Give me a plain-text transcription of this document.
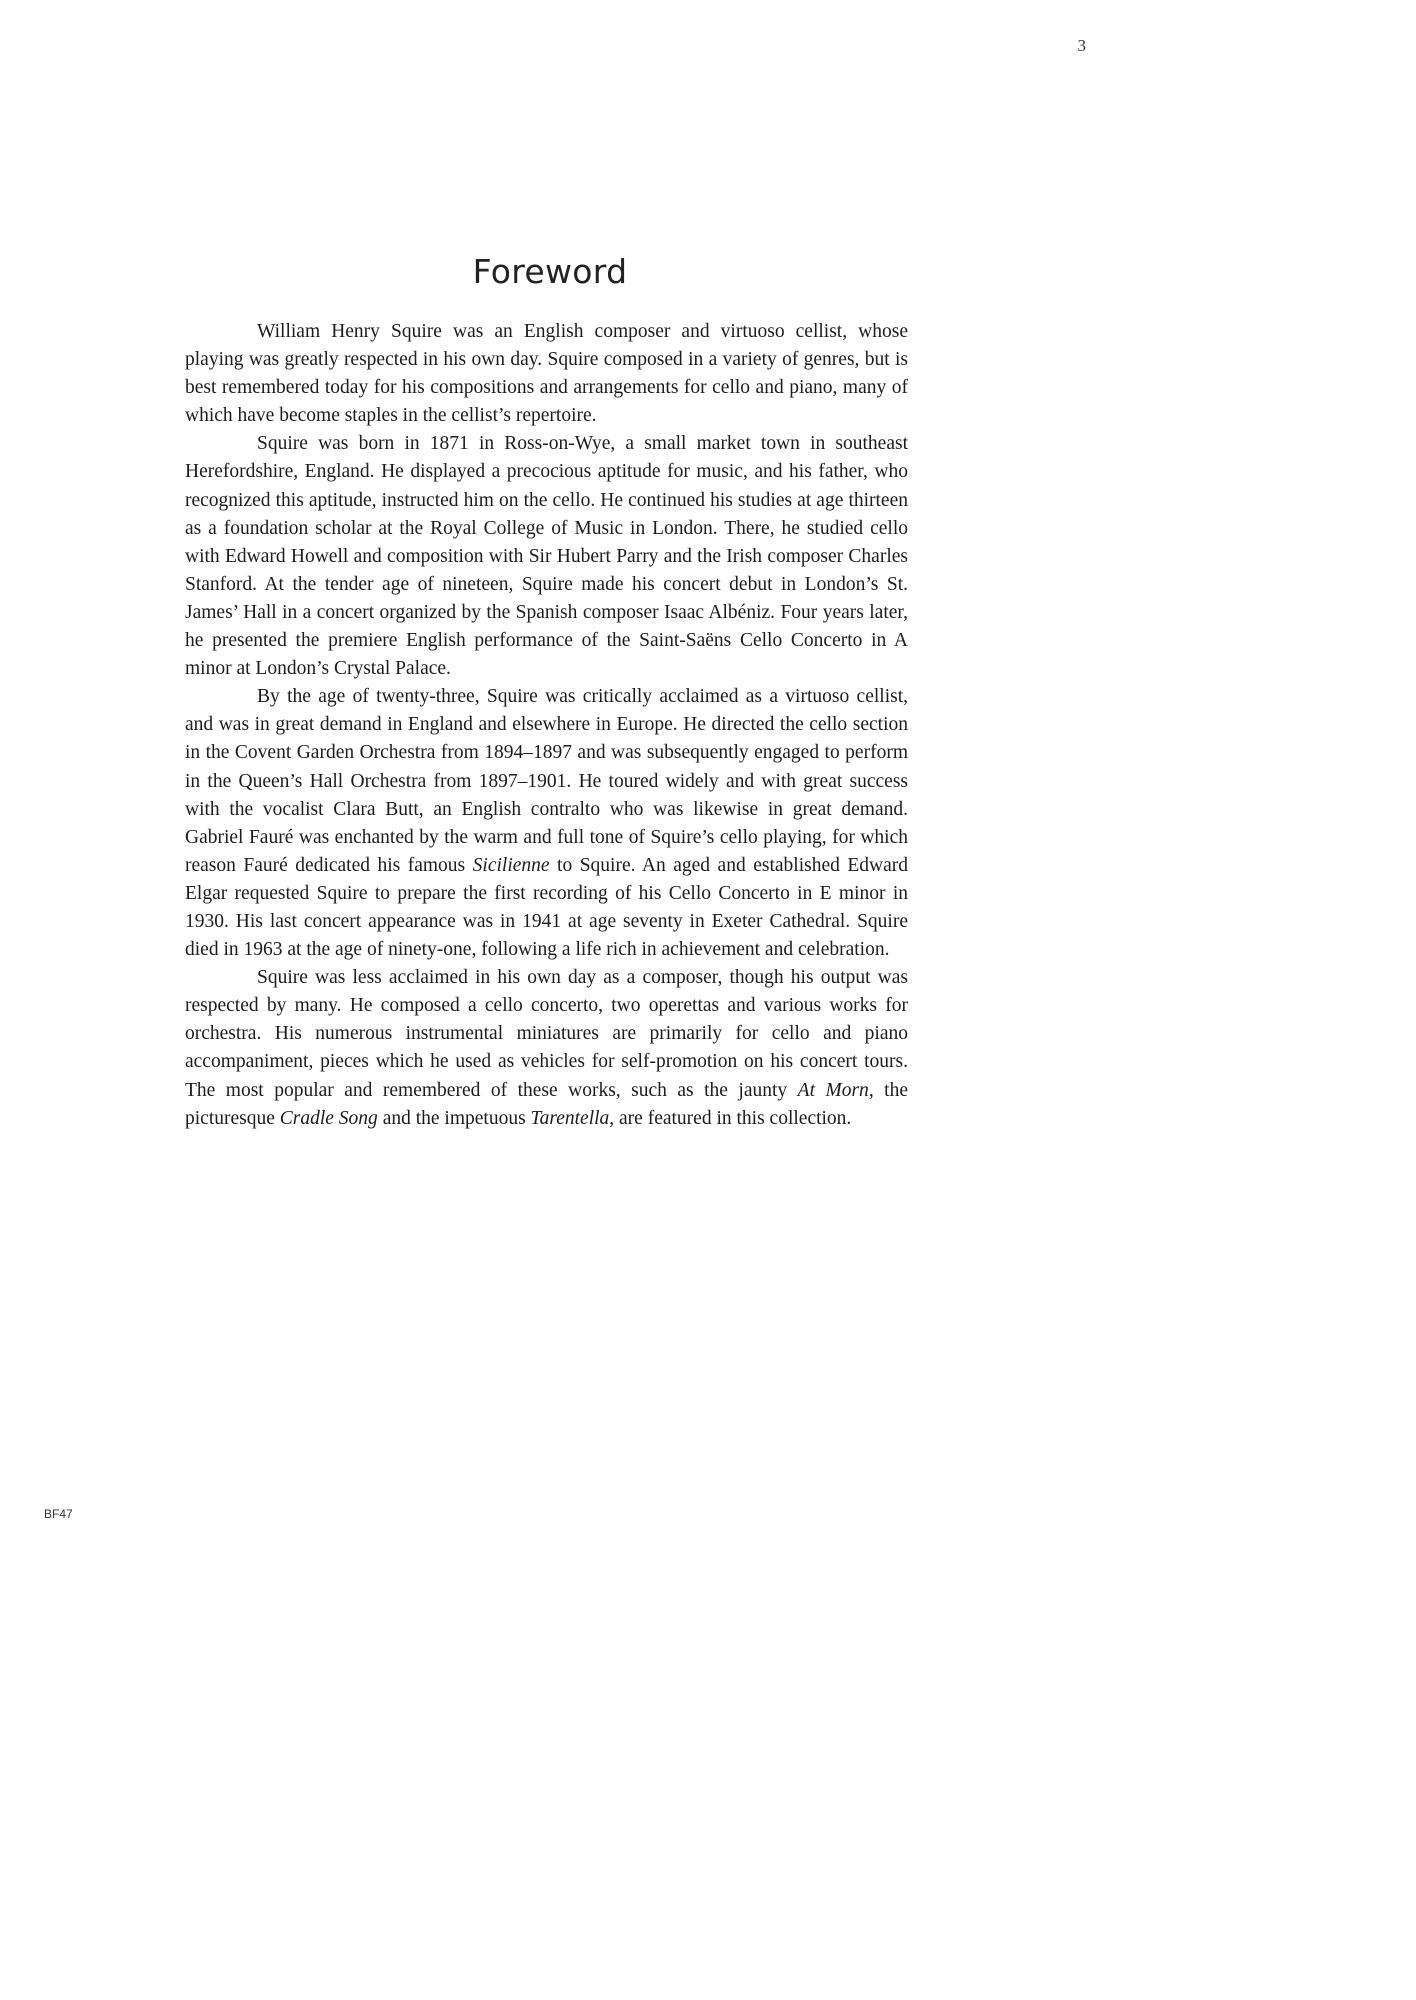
3
Foreword

William Henry Squire was an English composer and virtuoso cellist, whose playing was greatly respected in his own day. Squire composed in a variety of genres, but is best remembered today for his compositions and arrangements for cello and piano, many of which have become staples in the cellist’s repertoire.

Squire was born in 1871 in Ross-on-Wye, a small market town in southeast Herefordshire, England. He displayed a precocious aptitude for music, and his father, who recognized this aptitude, instructed him on the cello. He continued his studies at age thirteen as a foundation scholar at the Royal College of Music in London. There, he studied cello with Edward Howell and composition with Sir Hubert Parry and the Irish composer Charles Stanford. At the tender age of nineteen, Squire made his concert debut in London’s St. James’ Hall in a concert organized by the Spanish composer Isaac Albéniz. Four years later, he presented the premiere English performance of the Saint-Saëns Cello Concerto in A minor at London’s Crystal Palace.

By the age of twenty-three, Squire was critically acclaimed as a virtuoso cellist, and was in great demand in England and elsewhere in Europe. He directed the cello section in the Covent Garden Orchestra from 1894–1897 and was subsequently engaged to perform in the Queen’s Hall Orchestra from 1897–1901. He toured widely and with great success with the vocalist Clara Butt, an English contralto who was likewise in great demand. Gabriel Fauré was enchanted by the warm and full tone of Squire’s cello playing, for which reason Fauré dedicated his famous Sicilienne to Squire. An aged and established Edward Elgar requested Squire to prepare the first recording of his Cello Concerto in E minor in 1930. His last concert appearance was in 1941 at age seventy in Exeter Cathedral. Squire died in 1963 at the age of ninety-one, following a life rich in achievement and celebration.

Squire was less acclaimed in his own day as a composer, though his output was respected by many. He composed a cello concerto, two operettas and various works for orchestra. His numerous instrumental miniatures are primarily for cello and piano accompaniment, pieces which he used as vehicles for self-promotion on his concert tours. The most popular and remembered of these works, such as the jaunty At Morn, the picturesque Cradle Song and the impetuous Tarentella, are featured in this collection.

BF47
